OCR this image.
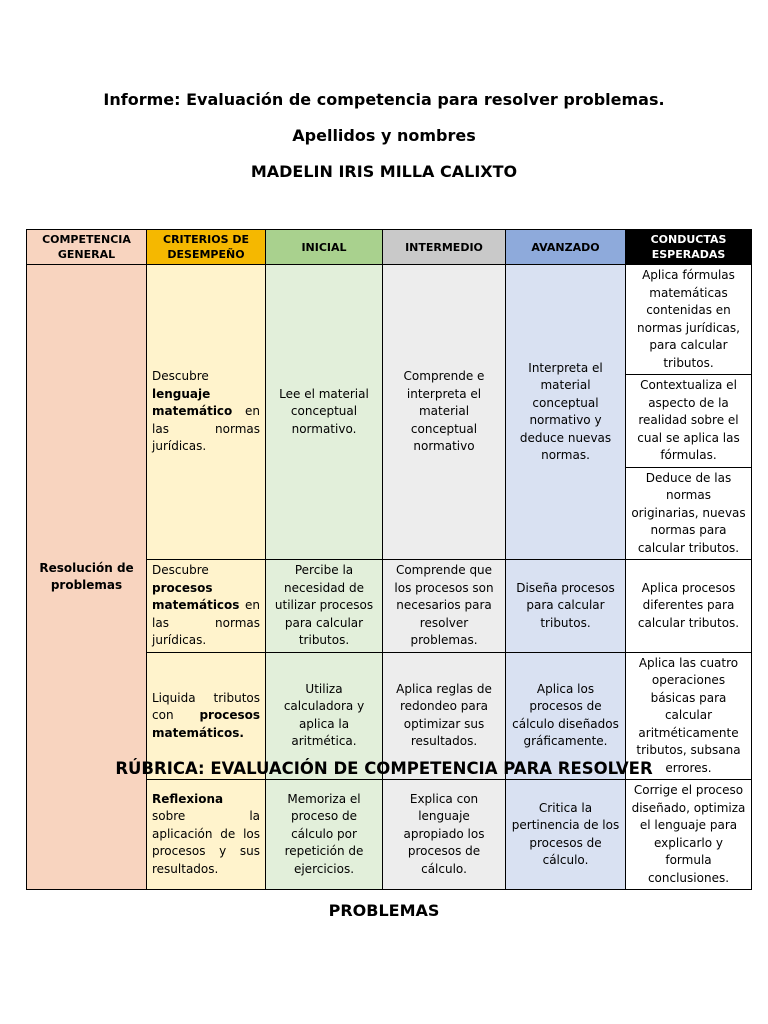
Informe: Evaluación de competencia para resolver problemas.
Apellidos y nombres
MADELIN IRIS MILLA CALIXTO
COMPETENCIA GENERAL	CRITERIOS DE DESEMPEÑO	INICIAL	INTERMEDIO	AVANZADO	CONDUCTAS ESPERADAS
Resolución de problemas	Descubre lenguaje matemático en las normas jurídicas.	Lee el material conceptual normativo.	Comprende e interpreta el material conceptual normativo	Interpreta el material conceptual normativo y deduce nuevas normas.	Aplica fórmulas matemáticas contenidas en normas jurídicas, para calcular tributos.
					Contextualiza el aspecto de la realidad sobre el cual se aplica las fórmulas.
					Deduce de las normas originarias, nuevas normas para calcular tributos.
	Descubre procesos matemáticos en las normas jurídicas.	Percibe la necesidad de utilizar procesos para calcular tributos.	Comprende que los procesos son necesarios para resolver problemas.	Diseña procesos para calcular tributos.	Aplica procesos diferentes para calcular tributos.
	Liquida tributos con procesos matemáticos.	Utiliza calculadora y aplica la aritmética.	Aplica reglas de redondeo para optimizar sus resultados.	Aplica los procesos de cálculo diseñados gráficamente.	Aplica las cuatro operaciones básicas para calcular aritméticamente tributos, subsana errores.
	Reflexiona sobre la aplicación de los procesos y sus resultados.	Memoriza el proceso de cálculo por repetición de ejercicios.	Explica con lenguaje apropiado los procesos de cálculo.	Critica la pertinencia de los procesos de cálculo.	Corrige el proceso diseñado, optimiza el lenguaje para explicarlo y formula conclusiones.
RÚBRICA: EVALUACIÓN DE COMPETENCIA PARA RESOLVER
PROBLEMAS
